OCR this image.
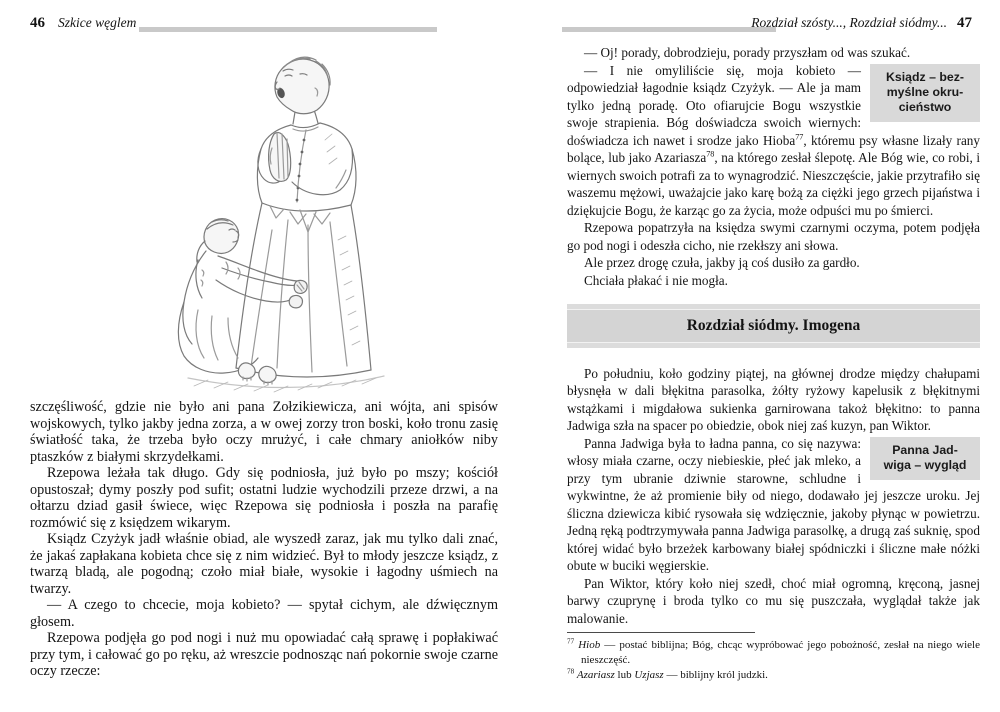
46 Szkice węglem

szczęśliwość, gdzie nie było ani pana Zołzikiewicza, ani wójta, ani spisów wojskowych, tylko jakby jedna zorza, a w owej zorzy tron boski, koło tronu zasię światłość taka, że trzeba było oczy mrużyć, i całe chmary aniołków niby ptaszków z białymi skrzydełkami.

Rzepowa leżała tak długo. Gdy się podniosła, już było po mszy; kościół opustoszał; dymy poszły pod sufit; ostatni ludzie wychodzili przeze drzwi, a na ołtarzu dziad gasił świece, więc Rzepowa się podniosła i poszła na parafię rozmówić się z księdzem wikarym.

Ksiądz Czyżyk jadł właśnie obiad, ale wyszedł zaraz, jak mu tylko dali znać, że jakaś zapłakana kobieta chce się z nim widzieć. Był to młody jeszcze ksiądz, z twarzą bladą, ale pogodną; czoło miał białe, wysokie i łagodny uśmiech na twarzy.

— A czego to chcecie, moja kobieto? — spytał cichym, ale dźwięcznym głosem.

Rzepowa podjęła go pod nogi i nuż mu opowiadać całą sprawę i popłakiwać przy tym, i całować go po ręku, aż wreszcie podnosząc nań pokornie swoje czarne oczy rzecze:

Rozdział szósty..., Rozdział siódmy... 47

— Oj! porady, dobrodzieju, porady przyszłam od was szukać.

Ksiądz – bez-
myślne okru-
cieństwo
— I nie omyliliście się, moja kobieto — odpowiedział łagodnie ksiądz Czyżyk. — Ale ja mam tylko jedną poradę. Oto ofiarujcie Bogu wszystkie swoje strapienia. Bóg doświadcza swoich wiernych: doświadcza ich nawet i srodze jako Hioba$^{77}$, któremu psy własne lizały rany bolące, lub jako Azariasza$^{78}$, na którego zesłał ślepotę. Ale Bóg wie, co robi, i wiernych swoich potrafi za to wynagrodzić. Nieszczęście, jakie przytrafiło się waszemu mężowi, uważajcie jako karę bożą za ciężki jego grzech pijaństwa i dziękujcie Bogu, że karząc go za życia, może odpuści mu po śmierci.

Rzepowa popatrzyła na księdza swymi czarnymi oczyma, potem podjęła go pod nogi i odeszła cicho, nie rzekłszy ani słowa.

Ale przez drogę czuła, jakby ją coś dusiło za gardło.

Chciała płakać i nie mogła.

Rozdział siódmy. Imogena

Po południu, koło godziny piątej, na głównej drodze między chałupami błysnęła w dali błękitna parasolka, żółty ryżowy kapelusik z błękitnymi wstążkami i migdałowa sukienka garnirowana takoż błękitno: to panna Jadwiga szła na spacer po obiedzie, obok niej zaś kuzyn, pan Wiktor.

Panna Jad-
wiga – wygląd
Panna Jadwiga była to ładna panna, co się nazywa: włosy miała czarne, oczy niebieskie, płeć jak mleko, a przy tym ubranie dziwnie starowne, schludne i wykwintne, że aż promienie biły od niego, dodawało jej jeszcze uroku. Jej śliczna dziewicza kibić rysowała się wdzięcznie, jakoby płynąc w powietrzu. Jedną ręką podtrzymywała panna Jadwiga parasolkę, a drugą zaś suknię, spod której widać było brzeżek karbowany białej spódniczki i śliczne małe nóżki obute w buciki węgierskie.

Pan Wiktor, który koło niej szedł, choć miał ogromną, kręconą, jasnej barwy czuprynę i broda tylko co mu się puszczała, wyglądał także jak malowanie.

$^{77}$ Hiob — postać biblijna; Bóg, chcąc wypróbować jego pobożność, zesłał na niego wiele nieszczęść.
$^{78}$ Azariasz lub Uzjasz — biblijny król judzki.
